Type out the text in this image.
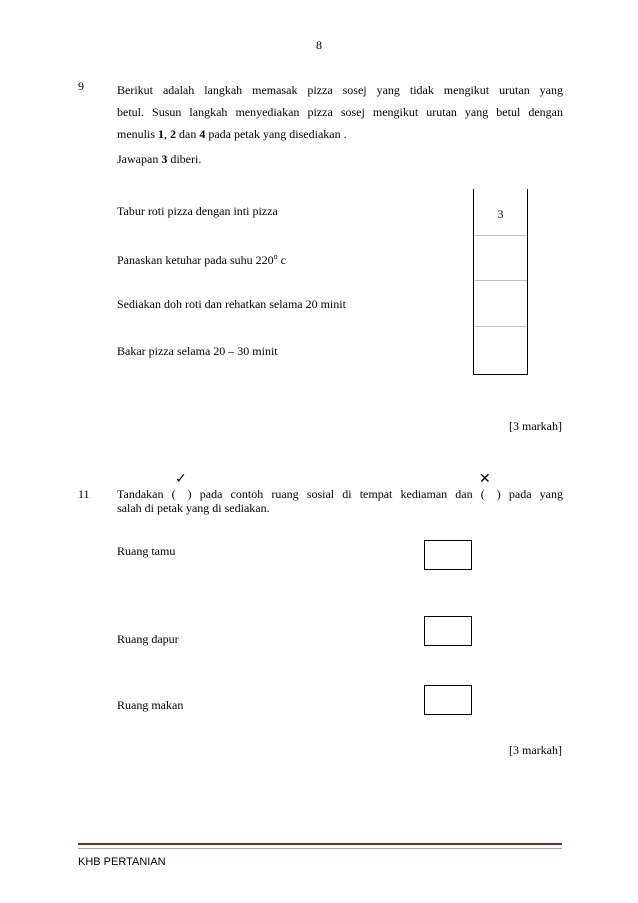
8
9	Berikut adalah langkah memasak pizza sosej yang tidak mengikut urutan yang
betul. Susun langkah menyediakan pizza sosej mengikut urutan yang betul dengan
menulis 1, 2 dan 4 pada petak yang disediakan .
Jawapan 3 diberi.
Tabur roti pizza dengan inti pizza
Panaskan ketuhar pada suhu 220$^o$ c
Sediakan doh roti dan rehatkan selama 20 minit
Bakar pizza selama 20 – 30 minit
3
[3 markah]
✓	✕
11 Tandakan ( ) pada contoh ruang sosial di tempat kediaman dan ( ) pada yang
salah di petak yang di sediakan.
Ruang tamu
Ruang dapur
Ruang makan
[3 markah]
KHB PERTANIAN
